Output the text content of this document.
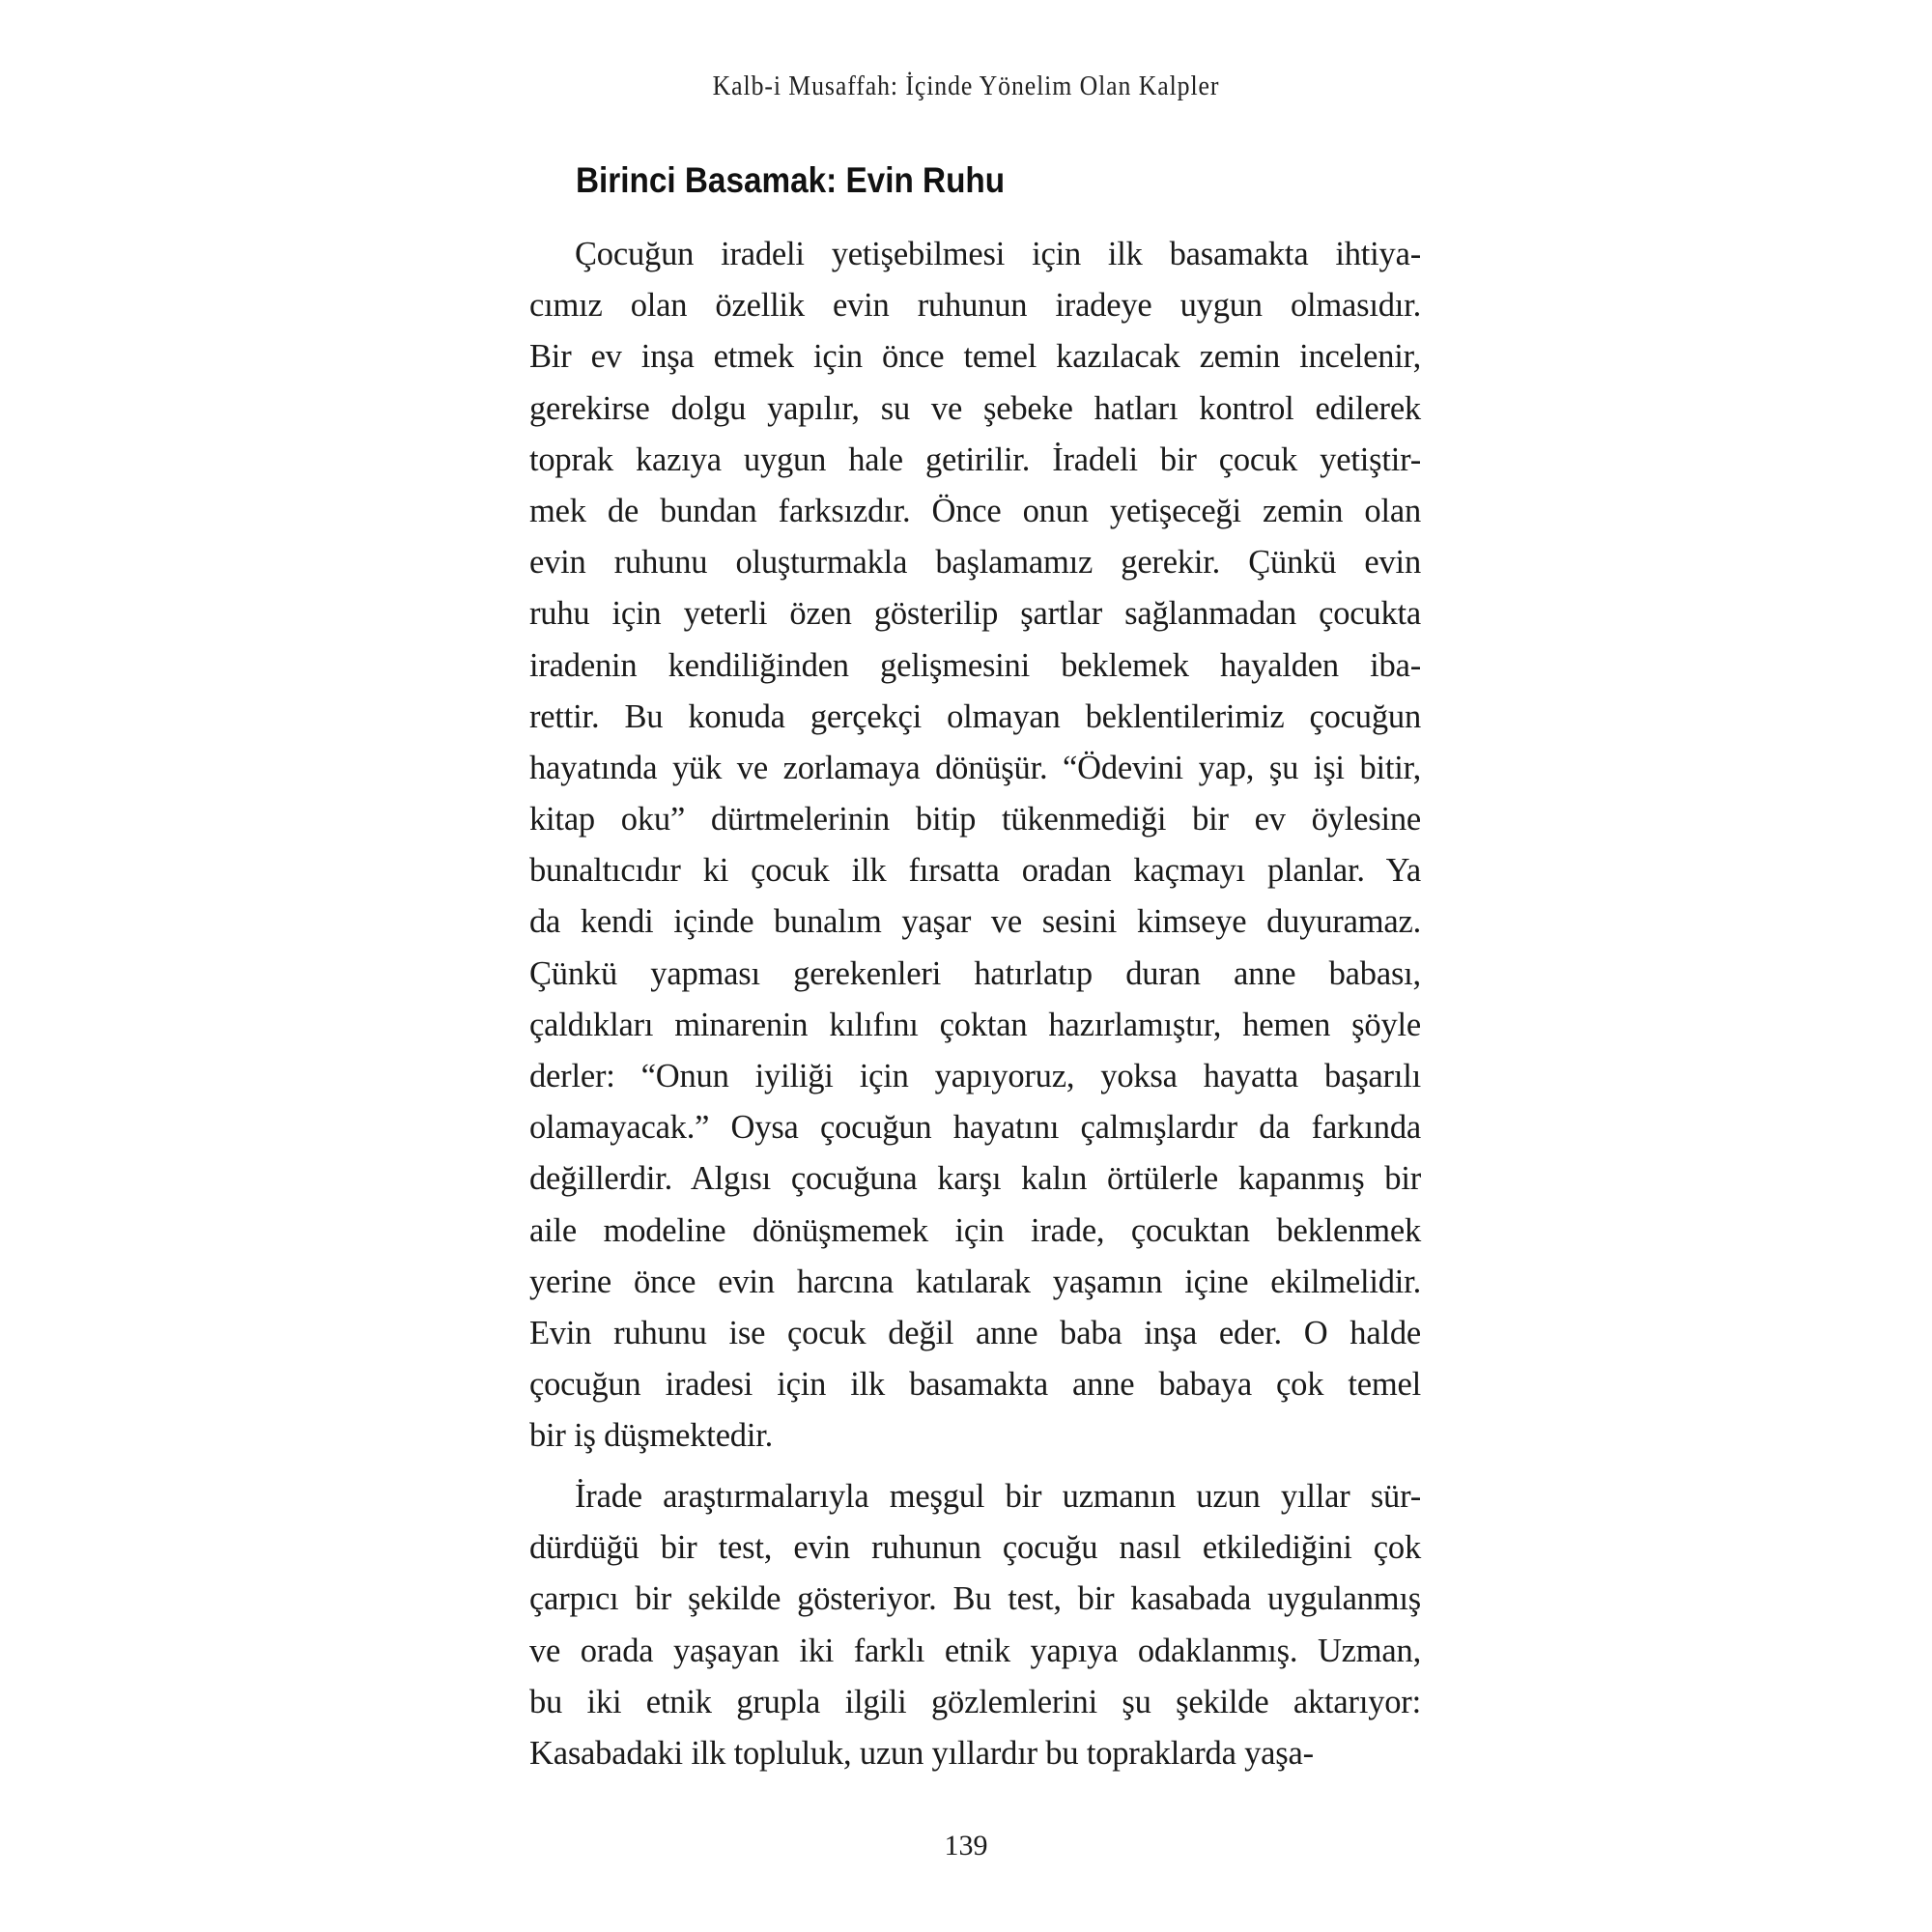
Kalb-i Musaffah: İçinde Yönelim Olan Kalpler
Birinci Basamak: Evin Ruhu
Çocuğun iradeli yetişebilmesi için ilk basamakta ihtiya-
cımız olan özellik evin ruhunun iradeye uygun olmasıdır.
Bir ev inşa etmek için önce temel kazılacak zemin incelenir,
gerekirse dolgu yapılır, su ve şebeke hatları kontrol edilerek
toprak kazıya uygun hale getirilir. İradeli bir çocuk yetiştir-
mek de bundan farksızdır. Önce onun yetişeceği zemin olan
evin ruhunu oluşturmakla başlamamız gerekir. Çünkü evin
ruhu için yeterli özen gösterilip şartlar sağlanmadan çocukta
iradenin kendiliğinden gelişmesini beklemek hayalden iba-
rettir. Bu konuda gerçekçi olmayan beklentilerimiz çocuğun
hayatında yük ve zorlamaya dönüşür. “Ödevini yap, şu işi bitir,
kitap oku” dürtmelerinin bitip tükenmediği bir ev öylesine
bunaltıcıdır ki çocuk ilk fırsatta oradan kaçmayı planlar. Ya
da kendi içinde bunalım yaşar ve sesini kimseye duyuramaz.
Çünkü yapması gerekenleri hatırlatıp duran anne babası,
çaldıkları minarenin kılıfını çoktan hazırlamıştır, hemen şöyle
derler: “Onun iyiliği için yapıyoruz, yoksa hayatta başarılı
olamayacak.” Oysa çocuğun hayatını çalmışlardır da farkında
değillerdir. Algısı çocuğuna karşı kalın örtülerle kapanmış bir
aile modeline dönüşmemek için irade, çocuktan beklenmek
yerine önce evin harcına katılarak yaşamın içine ekilmelidir.
Evin ruhunu ise çocuk değil anne baba inşa eder. O halde
çocuğun iradesi için ilk basamakta anne babaya çok temel
bir iş düşmektedir.
İrade araştırmalarıyla meşgul bir uzmanın uzun yıllar sür-
dürdüğü bir test, evin ruhunun çocuğu nasıl etkilediğini çok
çarpıcı bir şekilde gösteriyor. Bu test, bir kasabada uygulanmış
ve orada yaşayan iki farklı etnik yapıya odaklanmış. Uzman,
bu iki etnik grupla ilgili gözlemlerini şu şekilde aktarıyor:
Kasabadaki ilk topluluk, uzun yıllardır bu topraklarda yaşa-
139
